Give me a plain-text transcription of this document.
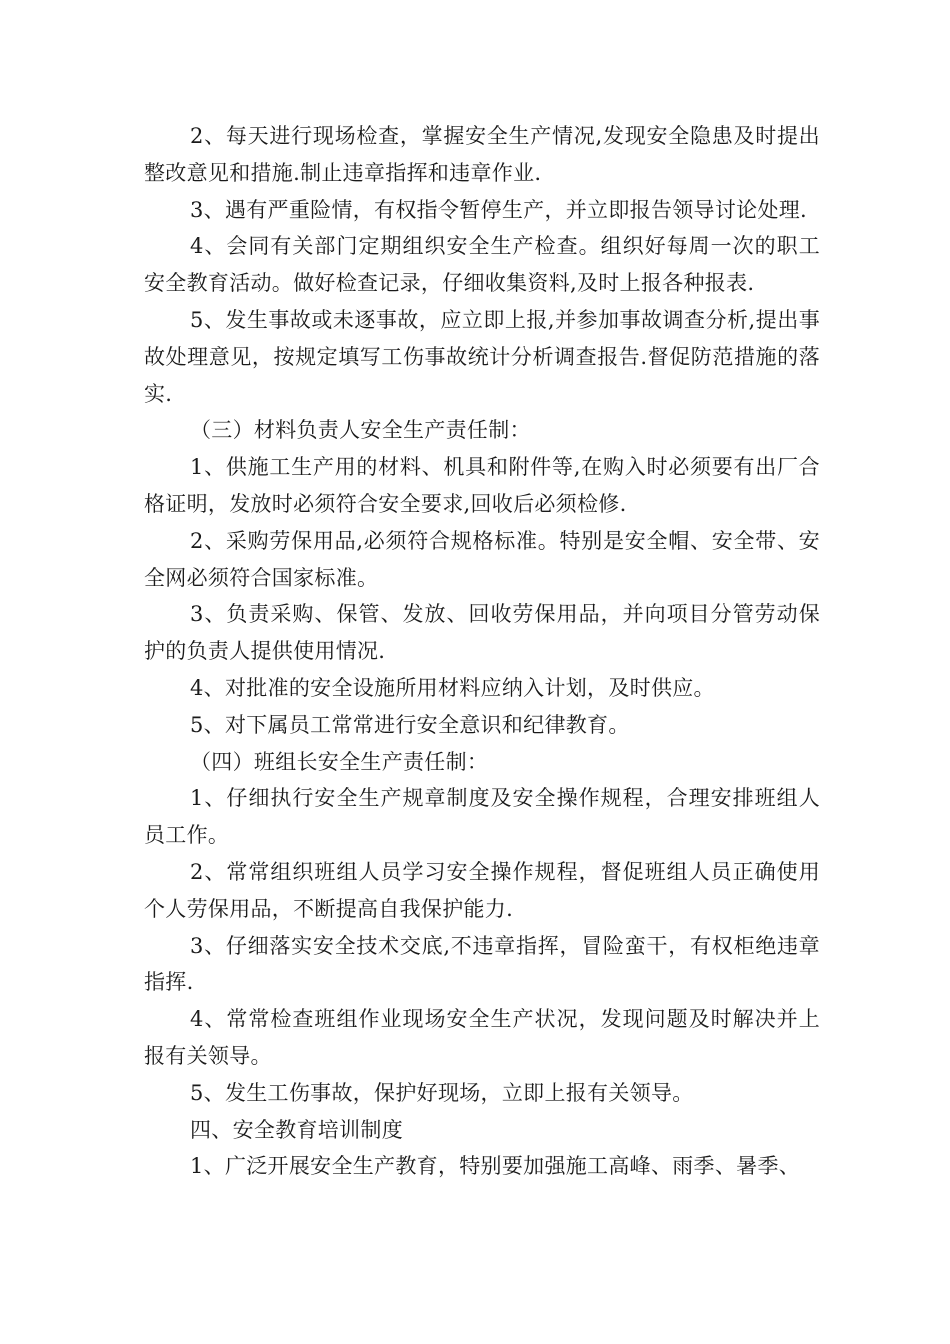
2、每天进行现场检查，掌握安全生产情况,发现安全隐患及时提出整改意见和措施.制止违章指挥和违章作业.

3、遇有严重险情，有权指令暂停生产，并立即报告领导讨论处理.

4、会同有关部门定期组织安全生产检查。组织好每周一次的职工安全教育活动。做好检查记录，仔细收集资料,及时上报各种报表.

5、发生事故或未逐事故，应立即上报,并参加事故调查分析,提出事故处理意见，按规定填写工伤事故统计分析调查报告.督促防范措施的落实.

（三）材料负责人安全生产责任制：

1、供施工生产用的材料、机具和附件等,在购入时必须要有出厂合格证明，发放时必须符合安全要求,回收后必须检修.

2、采购劳保用品,必须符合规格标准。特别是安全帽、安全带、安全网必须符合国家标准。

3、负责采购、保管、发放、回收劳保用品，并向项目分管劳动保护的负责人提供使用情况.

4、对批准的安全设施所用材料应纳入计划，及时供应。

5、对下属员工常常进行安全意识和纪律教育。

（四）班组长安全生产责任制：

1、仔细执行安全生产规章制度及安全操作规程，合理安排班组人员工作。

2、常常组织班组人员学习安全操作规程，督促班组人员正确使用个人劳保用品，不断提高自我保护能力.

3、仔细落实安全技术交底,不违章指挥，冒险蛮干，有权柜绝违章指挥.

4、常常检查班组作业现场安全生产状况，发现问题及时解决并上报有关领导。

5、发生工伤事故，保护好现场，立即上报有关领导。

四、安全教育培训制度

1、广泛开展安全生产教育，特别要加强施工高峰、雨季、暑季、
